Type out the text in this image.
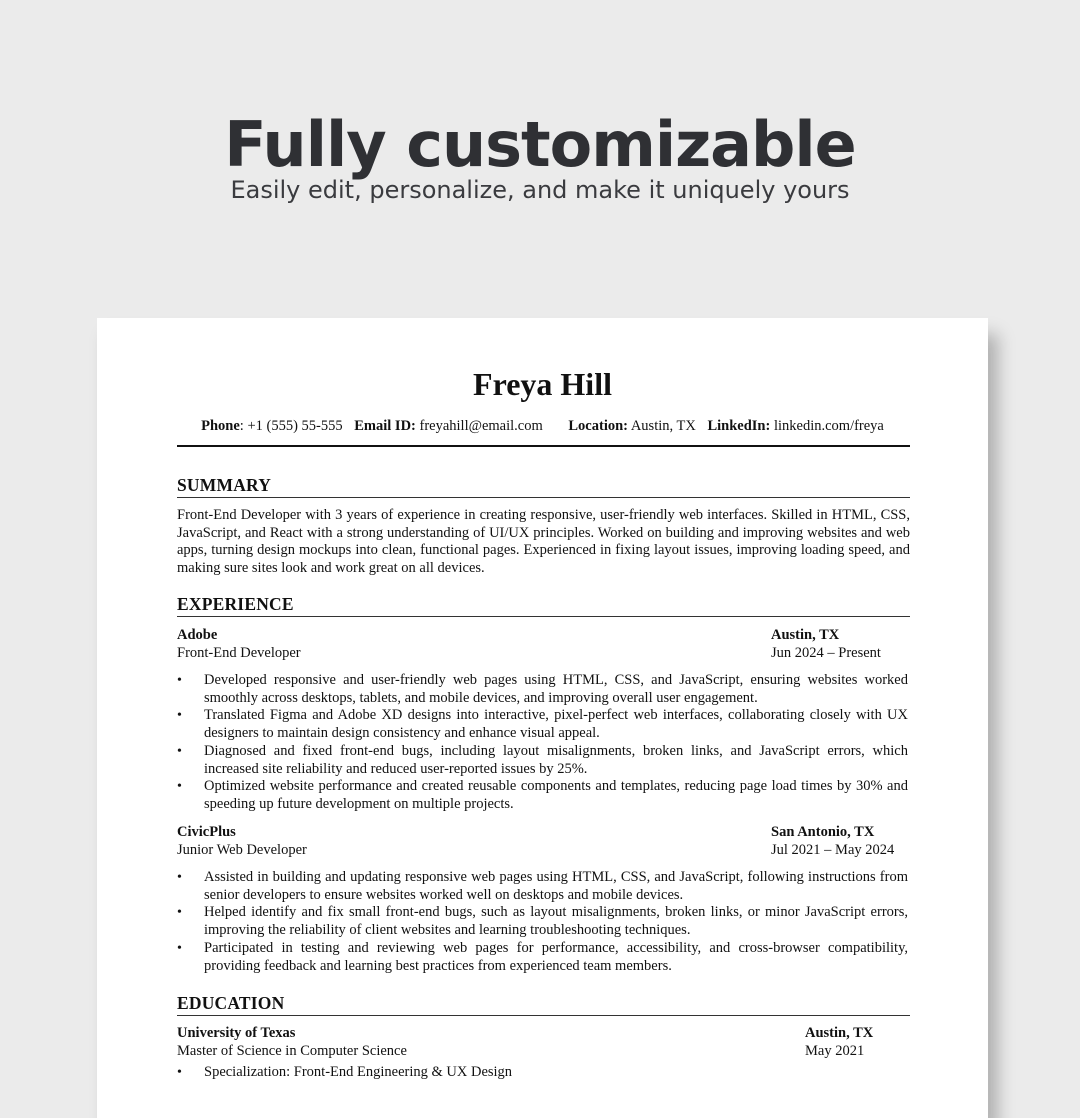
Fully customizable

Easily edit, personalize, and make it uniquely yours

Freya Hill
Phone: +1 (555) 55-555 Email ID: freyahill@email.com Location: Austin, TX LinkedIn: linkedin.com/freya
SUMMARY

Front-End Developer with 3 years of experience in creating responsive, user-friendly web interfaces. Skilled in HTML, CSS, JavaScript, and React with a strong understanding of UI/UX principles. Worked on building and improving websites and web apps, turning design mockups into clean, functional pages. Experienced in fixing layout issues, improving loading speed, and making sure sites look and work great on all devices.

EXPERIENCE
Adobe	Austin, TX
Front-End Developer	Jun 2024 – Present
• Developed responsive and user-friendly web pages using HTML, CSS, and JavaScript, ensuring websites worked smoothly across desktops, tablets, and mobile devices, and improving overall user engagement.
• Translated Figma and Adobe XD designs into interactive, pixel-perfect web interfaces, collaborating closely with UX designers to maintain design consistency and enhance visual appeal.
• Diagnosed and fixed front-end bugs, including layout misalignments, broken links, and JavaScript errors, which increased site reliability and reduced user-reported issues by 25%.
• Optimized website performance and created reusable components and templates, reducing page load times by 30% and speeding up future development on multiple projects.
CivicPlus	San Antonio, TX
Junior Web Developer	Jul 2021 – May 2024
• Assisted in building and updating responsive web pages using HTML, CSS, and JavaScript, following instructions from senior developers to ensure websites worked well on desktops and mobile devices.
• Helped identify and fix small front-end bugs, such as layout misalignments, broken links, or minor JavaScript errors, improving the reliability of client websites and learning troubleshooting techniques.
• Participated in testing and reviewing web pages for performance, accessibility, and cross-browser compatibility, providing feedback and learning best practices from experienced team members.
EDUCATION
University of Texas	Austin, TX
Master of Science in Computer Science	May 2021
• Specialization: Front-End Engineering & UX Design
